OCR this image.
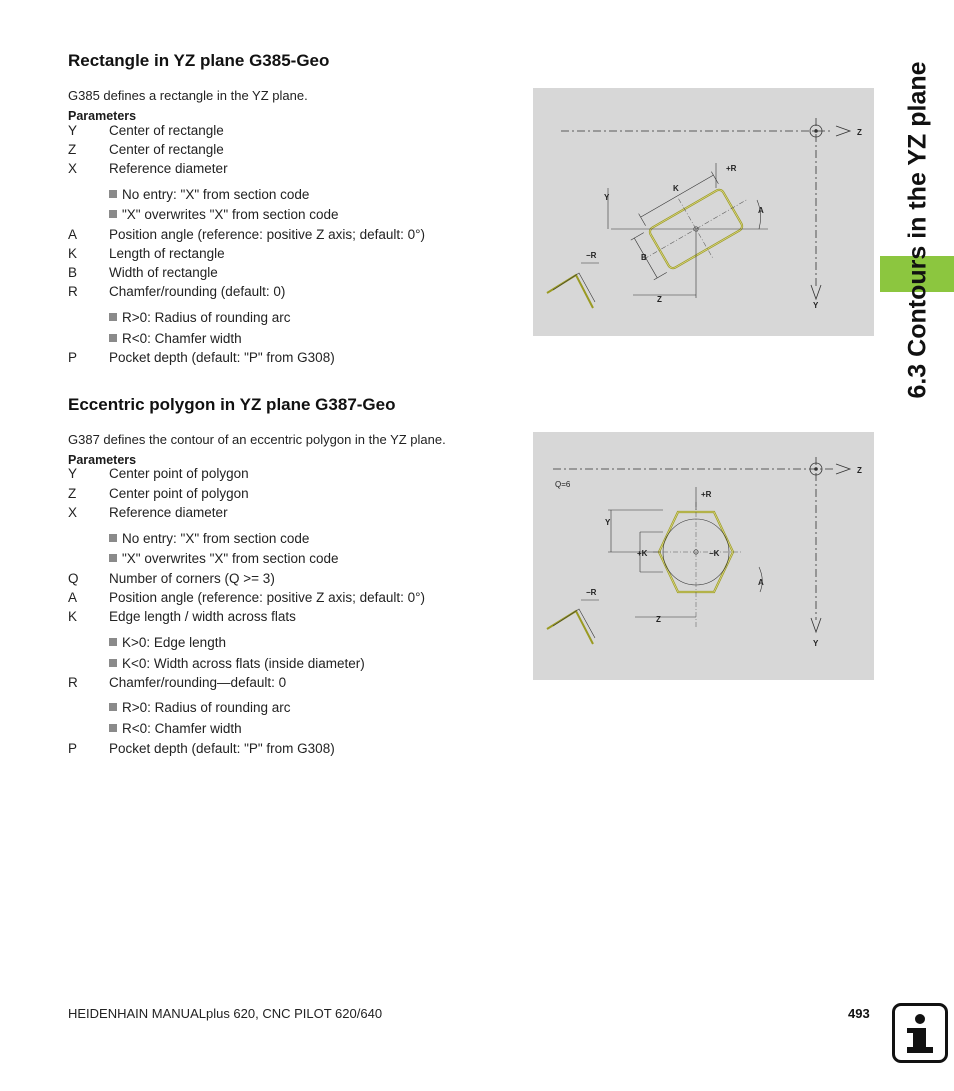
6.3 Contours in the YZ plane
Rectangle in YZ plane G385-Geo
G385 defines a rectangle in the YZ plane.
Parameters
Y Center of rectangle
Z Center of rectangle
X Reference diameter
No entry: "X" from section code
"X" overwrites "X" from section code
A Position angle (reference: positive Z axis; default: 0°)
K Length of rectangle
B Width of rectangle
R Chamfer/rounding (default: 0)
R>0: Radius of rounding arc
R<0: Chamfer width
P Pocket depth (default: "P" from G308)
Z
Y
Y
K
+R
A
B
Z
−R
Eccentric polygon in YZ plane G387-Geo
G387 defines the contour of an eccentric polygon in the YZ plane.
Parameters
Y Center point of polygon
Z Center point of polygon
X Reference diameter
No entry: "X" from section code
"X" overwrites "X" from section code
Q Number of corners (Q >= 3)
A Position angle (reference: positive Z axis; default: 0°)
K Edge length / width across flats
K>0: Edge length
K<0: Width across flats (inside diameter)
R Chamfer/rounding—default: 0
R>0: Radius of rounding arc
R<0: Chamfer width
P Pocket depth (default: "P" from G308)
Z
Y
Q=6
Y
+R
+K	−K
A
Z
−R
HEIDENHAIN MANUALplus 620, CNC PILOT 620/640	493
